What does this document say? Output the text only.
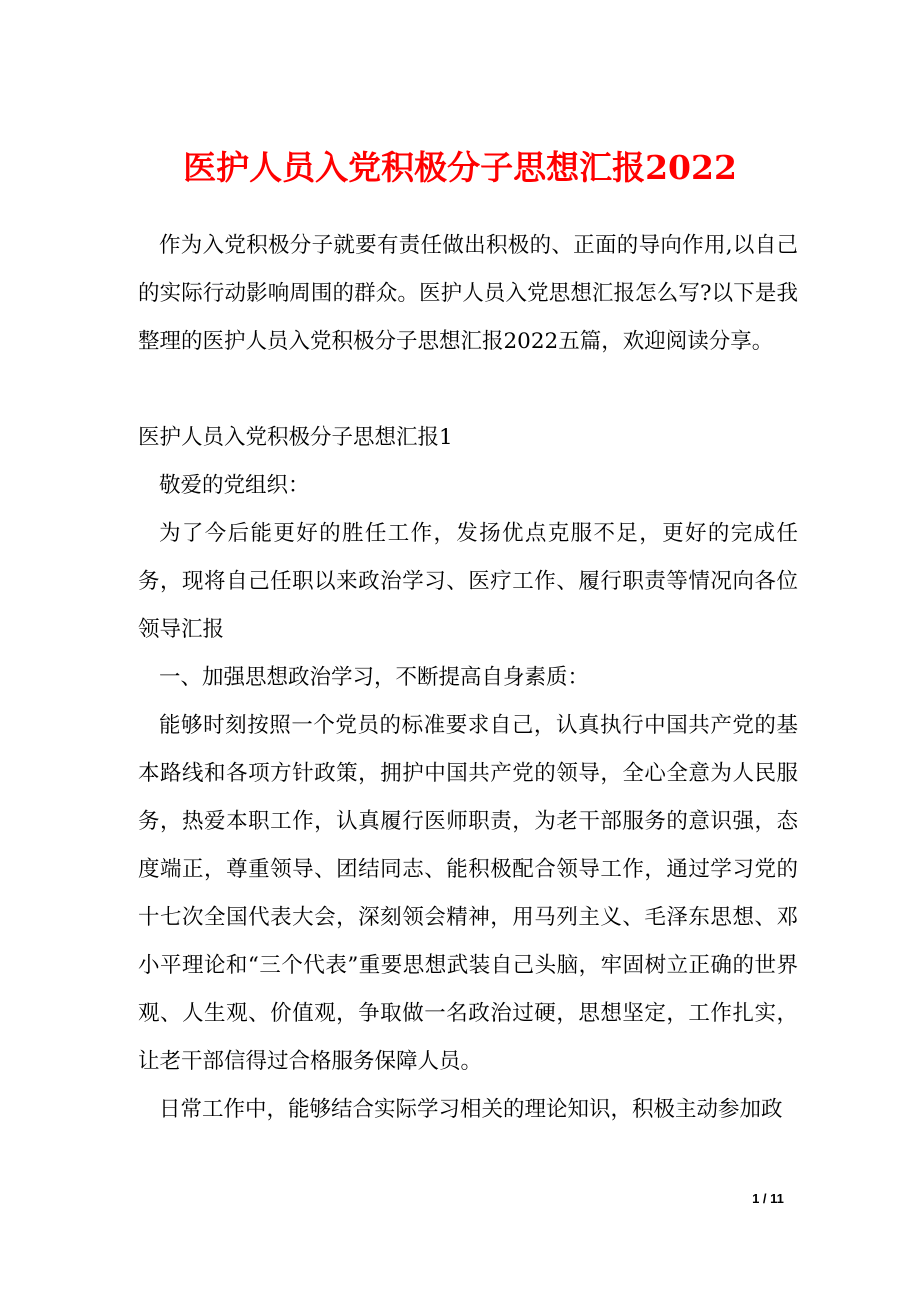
医护人员入党积极分子思想汇报2022

作为入党积极分子就要有责任做出积极的、正面的导向作用,以自己的实际行动影响周围的群众。医护人员入党思想汇报怎么写?以下是我整理的医护人员入党积极分子思想汇报2022五篇，欢迎阅读分享。

医护人员入党积极分子思想汇报1

敬爱的党组织：

为了今后能更好的胜任工作，发扬优点克服不足，更好的完成任务，现将自己任职以来政治学习、医疗工作、履行职责等情况向各位领导汇报

一、加强思想政治学习，不断提高自身素质：

能够时刻按照一个党员的标准要求自己，认真执行中国共产党的基本路线和各项方针政策，拥护中国共产党的领导，全心全意为人民服务，热爱本职工作，认真履行医师职责，为老干部服务的意识强，态度端正，尊重领导、团结同志、能积极配合领导工作，通过学习党的十七次全国代表大会，深刻领会精神，用马列主义、毛泽东思想、邓小平理论和“三个代表”重要思想武装自己头脑，牢固树立正确的世界观、人生观、价值观，争取做一名政治过硬，思想坚定，工作扎实，让老干部信得过合格服务保障人员。

日常工作中，能够结合实际学习相关的理论知识，积极主动参加政

1 / 11
